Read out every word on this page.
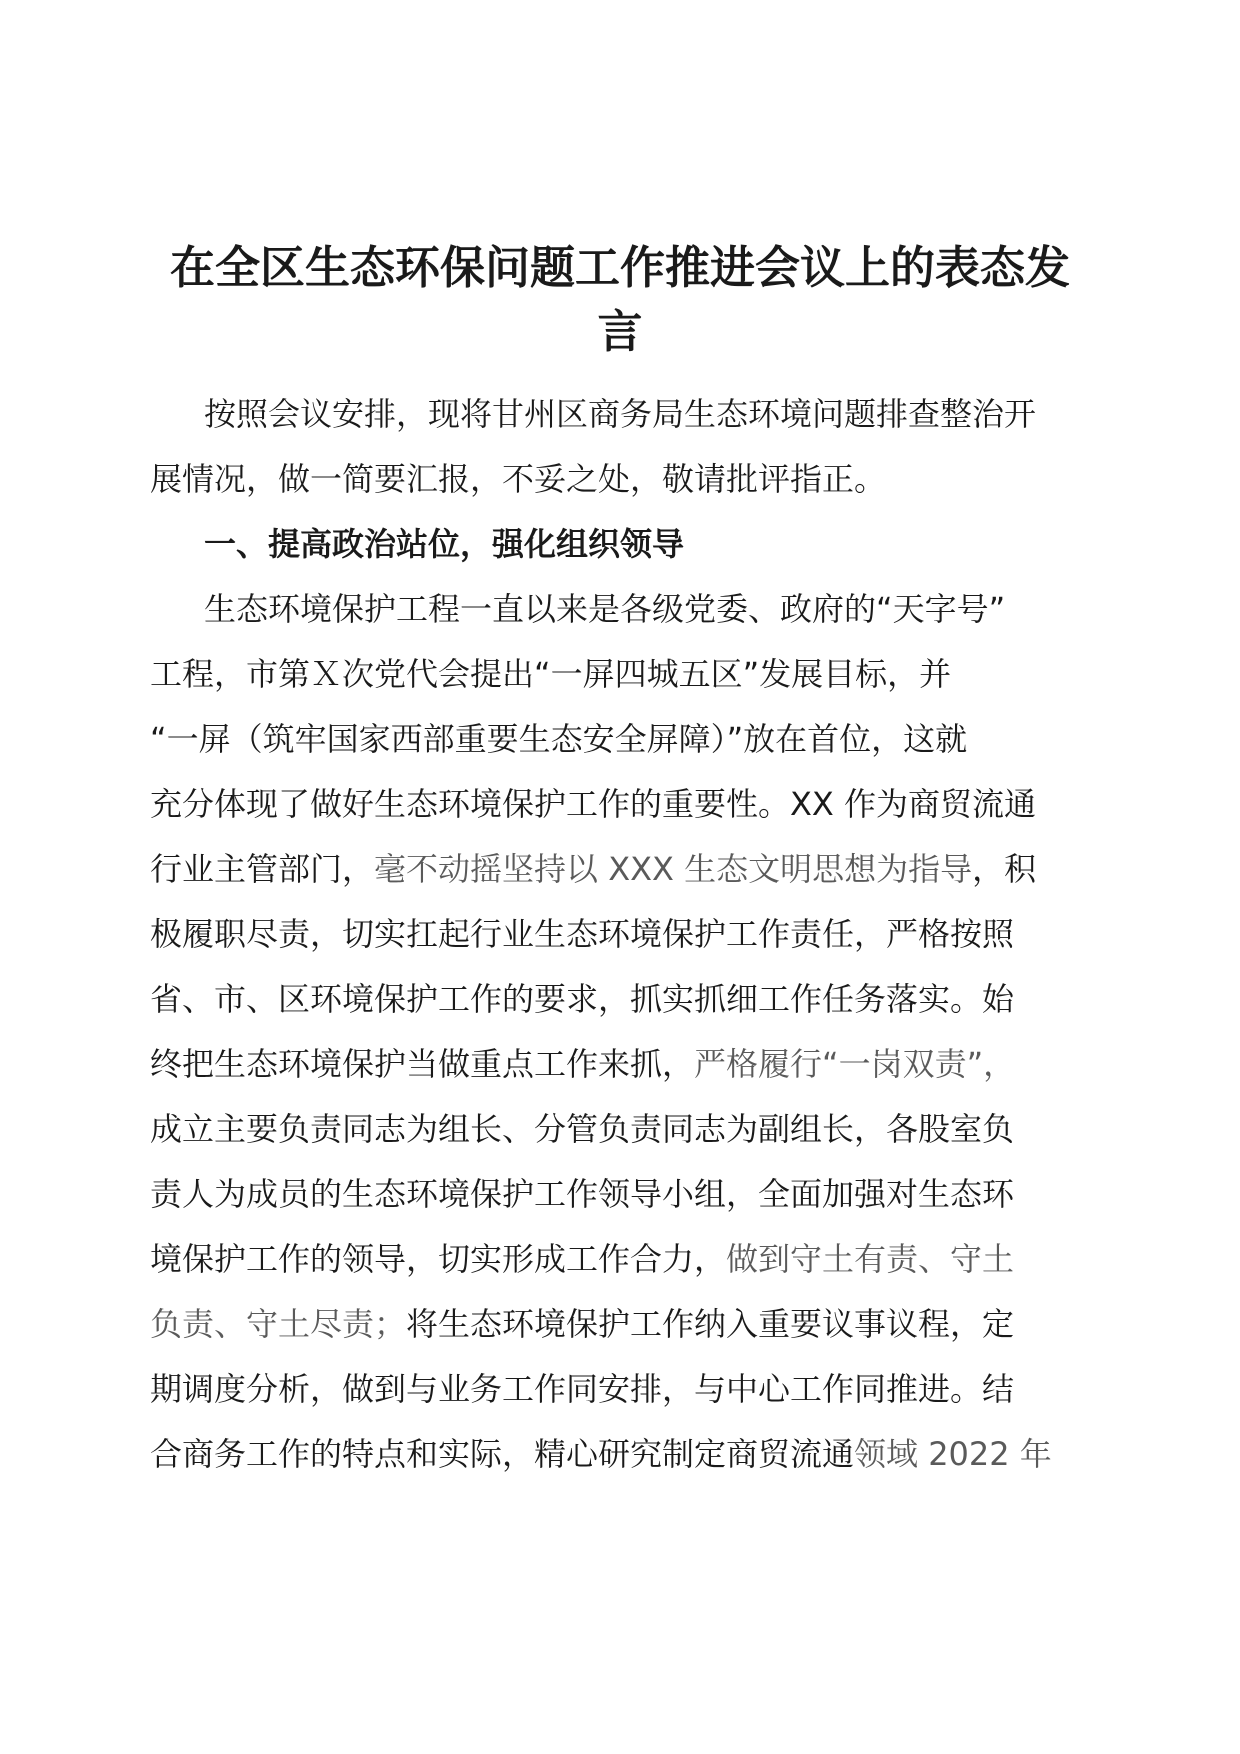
在全区生态环保问题工作推进会议上的表态发
言
按照会议安排，现将甘州区商务局生态环境问题排查整治开
展情况，做一简要汇报，不妥之处，敬请批评指正。
一、提高政治站位，强化组织领导
生态环境保护工程一直以来是各级党委、政府的“天字号”
工程，市第Ｘ次党代会提出“一屏四城五区”发展目标，并
“一屏（筑牢国家西部重要生态安全屏障）”放在首位，这就
充分体现了做好生态环境保护工作的重要性。XX 作为商贸流通
行业主管部门，毫不动摇坚持以 XXX 生态文明思想为指导，积
极履职尽责，切实扛起行业生态环境保护工作责任，严格按照
省、市、区环境保护工作的要求，抓实抓细工作任务落实。始
终把生态环境保护当做重点工作来抓，严格履行“一岗双责”，
成立主要负责同志为组长、分管负责同志为副组长，各股室负
责人为成员的生态环境保护工作领导小组，全面加强对生态环
境保护工作的领导，切实形成工作合力，做到守土有责、守土
负责、守土尽责；将生态环境保护工作纳入重要议事议程，定
期调度分析，做到与业务工作同安排，与中心工作同推进。结
合商务工作的特点和实际，精心研究制定商贸流通领域 2022 年
